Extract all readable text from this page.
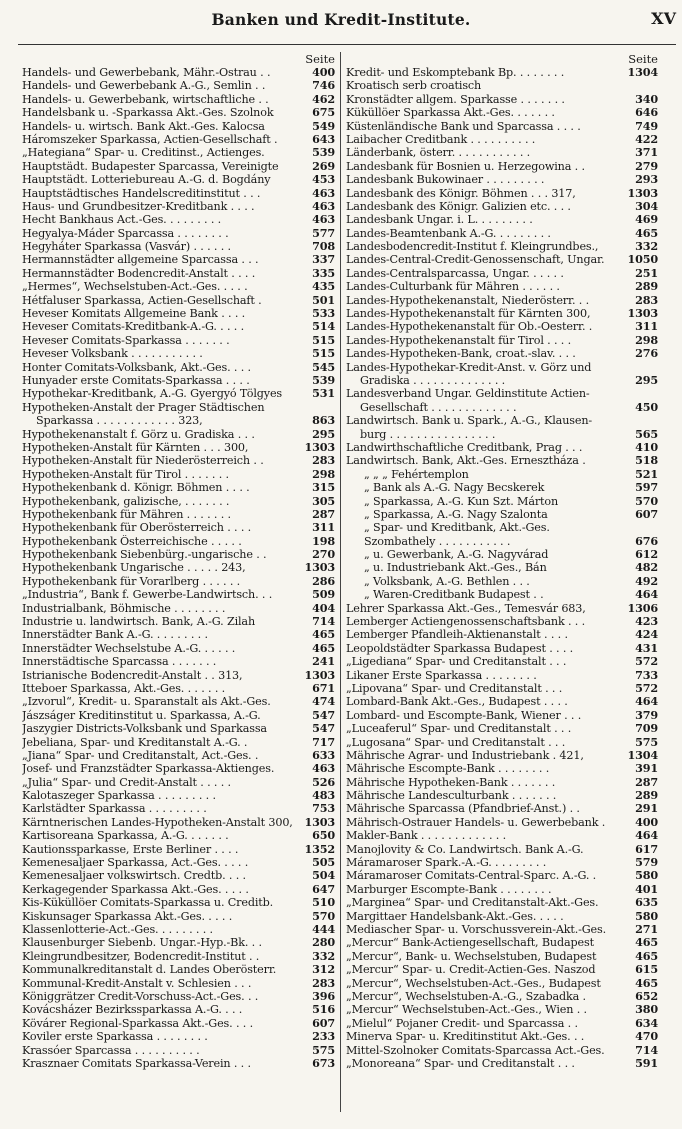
Banken und Kredit-Institute.	XV
Seite
Handels- und Gewerbebank, Mähr.-Ostrau . .	400
Handels- und Gewerbebank A.-G., Semlin . .	746
Handels- u. Gewerbebank, wirtschaftliche . .	462
Handelsbank u. -Sparkassa Akt.-Ges. Szolnok	675
Handels- u. wirtsch. Bank Akt.-Ges. Kalocsa	549
Háromszeker Sparkassa, Actien-Gesellschaft .	643
„Hategiana“ Spar- u. Creditinst., Actienges.	539
Hauptstädt. Budapester Sparcassa, Vereinigte	269
Hauptstädt. Lotteriebureau A.-G. d. Bogdány	453
Hauptstädtisches Handelscreditinstitut . . .	463
Haus- und Grundbesitzer-Kreditbank . . . .	463
Hecht Bankhaus Act.-Ges. . . . . . . . .	463
Hegyalya-Máder Sparcassa . . . . . . . .	577
Hegyháter Sparkassa (Vasvár) . . . . . .	708
Hermannstädter allgemeine Sparcassa . . .	337
Hermannstädter Bodencredit-Anstalt . . . .	335
„Hermes“, Wechselstuben-Act.-Ges. . . . .	435
Hétfaluser Sparkassa, Actien-Gesellschaft .	501
Heveser Komitats Allgemeine Bank . . . .	533
Heveser Comitats-Kreditbank-A.-G. . . . .	514
Heveser Comitats-Sparkassa . . . . . . .	515
Heveser Volksbank . . . . . . . . . . .	515
Honter Comitats-Volksbank, Akt.-Ges. . . .	545
Hunyader erste Comitats-Sparkassa . . . .	539
Hypothekar-Kreditbank, A.-G. Gyergyó Tölgyes	531
Hypotheken-Anstalt der Prager Städtischen
Sparkassa . . . . . . . . . . . . 323,	863
Hypothekenanstalt f. Görz u. Gradiska . . .	295
Hypotheken-Anstalt für Kärnten . . . 300,	1303
Hypotheken-Anstalt für Niederösterreich . .	283
Hypotheken-Anstalt für Tirol . . . . . . .	298
Hypothekenbank d. Königr. Böhmen . . . .	315
Hypothekenbank, galizische, . . . . . . .	305
Hypothekenbank für Mähren . . . . . . .	287
Hypothekenbank für Oberösterreich . . . .	311
Hypothekenbank Österreichische . . . . .	198
Hypothekenbank Siebenbürg.-ungarische . .	270
Hypothekenbank Ungarische . . . . . 243,	1303
Hypothekenbank für Vorarlberg . . . . . .	286
„Industria“, Bank f. Gewerbe-Landwirtsch. . .	509
Industrialbank, Böhmische . . . . . . . .	404
Industrie u. landwirtsch. Bank, A.-G. Zilah	714
Innerstädter Bank A.-G. . . . . . . . .	465
Innerstädter Wechselstube A.-G. . . . . .	465
Innerstädtische Sparcassa . . . . . . .	241
Istrianische Bodencredit-Anstalt . . 313,	1303
Itteboer Sparkassa, Akt.-Ges. . . . . . .	671
„Izvorul“, Kredit- u. Sparanstalt als Akt.-Ges.	474
Jászságer Kreditinstitut u. Sparkassa, A.-G.	547
Jaszygier Districts-Volksbank und Sparkassa	547
Jebeliana, Spar- und Kreditanstalt A.-G. .	717
„Jiana“ Spar- und Creditanstalt, Act.-Ges. .	633
Josef- und Franzstädter Sparkassa-Aktienges.	463
„Julia“ Spar- und Credit-Anstalt . . . . .	526
Kalotaszeger Sparkassa . . . . . . . . .	483
Karlstädter Sparkassa . . . . . . . . .	753
Kärntnerischen Landes-Hypotheken-Anstalt 300,	1303
Kartisoreana Sparkassa, A.-G. . . . . . .	650
Kautionssparkasse, Erste Berliner . . . .	1352
Kemenesaljaer Sparkassa, Act.-Ges. . . . .	505
Kemenesaljaer volkswirtsch. Credtb. . . .	504
Kerkagegender Sparkassa Akt.-Ges. . . . .	647
Kis-Küküllöer Comitats-Sparkassa u. Creditb.	510
Kiskunsager Sparkassa Akt.-Ges. . . . .	570
Klassenlotterie-Act.-Ges. . . . . . . . .	444
Klausenburger Siebenb. Ungar.-Hyp.-Bk. . .	280
Kleingrundbesitzer, Bodencredit-Institut . .	332
Kommunalkreditanstalt d. Landes Oberösterr.	312
Kommunal-Kredit-Anstalt v. Schlesien . . .	283
Königgrätzer Credit-Vorschuss-Act.-Ges. . .	396
Kovácsházer Bezirkssparkassa A.-G. . . .	516
Kövárer Regional-Sparkassa Akt.-Ges. . . .	607
Koviler erste Sparkassa . . . . . . . .	233
Krassóer Sparcassa . . . . . . . . . .	575
Krasznaer Comitats Sparkassa-Verein . . .	673
Seite
Kredit- und Eskomptebank Bp. . . . . . . .	1304
Kroatisch serb croatisch
Kronstädter allgem. Sparkasse . . . . . . .	340
Küküllöer Sparkassa Akt.-Ges. . . . . . .	646
Küstenländische Bank und Sparcassa . . . .	749
Laibacher Creditbank . . . . . . . . . .	422
Länderbank, österr. . . . . . . . . . . .	371
Landesbank für Bosnien u. Herzegowina . .	279
Landesbank Bukowinaer . . . . . . . . .	293
Landesbank des Königr. Böhmen . . . 317,	1303
Landesbank des Königr. Galizien etc. . . .	304
Landesbank Ungar. i. L. . . . . . . . .	469
Landes-Beamtenbank A.-G. . . . . . . . .	465
Landesbodencredit-Institut f. Kleingrundbes.,	332
Landes-Central-Credit-Genossenschaft, Ungar.	1050
Landes-Centralsparcassa, Ungar. . . . . .	251
Landes-Culturbank für Mähren . . . . . .	289
Landes-Hypothekenanstalt, Niederösterr. . .	283
Landes-Hypothekenanstalt für Kärnten 300,	1303
Landes-Hypothekenanstalt für Ob.-Oesterr. .	311
Landes-Hypothekenanstalt für Tirol . . . .	298
Landes-Hypotheken-Bank, croat.-slav. . . .	276
Landes-Hypothekar-Kredit-Anst. v. Görz und
Gradiska . . . . . . . . . . . . . .	295
Landesverband Ungar. Geldinstitute Actien-
Gesellschaft . . . . . . . . . . . . .	450
Landwirtsch. Bank u. Spark., A.-G., Klausen-
burg . . . . . . . . . . . . . . . .	565
Landwirthschaftliche Creditbank, Prag . . .	410
Landwirtsch. Bank, Akt.-Ges. Ernesztháza .	518
„ „ „ Fehértemplon	521
„ Bank als A.-G. Nagy Becskerek	597
„ Sparkassa, A.-G. Kun Szt. Márton	570
„ Sparkassa, A.-G. Nagy Szalonta	607
„ Spar- und Kreditbank, Akt.-Ges.
Szombathely . . . . . . . . . . .	676
„ u. Gewerbank, A.-G. Nagyvárad	612
„ u. Industriebank Akt.-Ges., Bán	482
„ Volksbank, A.-G. Bethlen . . .	492
„ Waren-Creditbank Budapest . .	464
Lehrer Sparkassa Akt.-Ges., Temesvár 683,	1306
Lemberger Actiengenossenschaftsbank . . .	423
Lemberger Pfandleih-Aktienanstalt . . . .	424
Leopoldstädter Sparkassa Budapest . . . .	431
„Ligediana“ Spar- und Creditanstalt . . .	572
Likaner Erste Sparkassa . . . . . . . .	733
„Lipovana“ Spar- und Creditanstalt . . .	572
Lombard-Bank Akt.-Ges., Budapest . . . .	464
Lombard- und Escompte-Bank, Wiener . . .	379
„Luceaferul“ Spar- und Creditanstalt . . .	709
„Lugosana“ Spar- und Creditanstalt . . .	575
Mährische Agrar- und Industriebank . 421,	1304
Mährische Escompte-Bank . . . . . . . .	391
Mährische Hypotheken-Bank . . . . . . .	287
Mährische Landesculturbank . . . . . . .	289
Mährische Sparcassa (Pfandbrief-Anst.) . .	291
Mährisch-Ostrauer Handels- u. Gewerbebank .	400
Makler-Bank . . . . . . . . . . . . .	464
Manojlovity & Co. Landwirtsch. Bank A.-G.	617
Máramaroser Spark.-A.-G. . . . . . . . .	579
Máramaroser Comitats-Central-Sparc. A.-G. .	580
Marburger Escompte-Bank . . . . . . . .	401
„Marginea“ Spar- und Creditanstalt-Akt.-Ges.	635
Margittaer Handelsbank-Akt.-Ges. . . . .	580
Mediascher Spar- u. Vorschussverein-Akt.-Ges.	271
„Mercur“ Bank-Actiengesellschaft, Budapest	465
„Mercur“, Bank- u. Wechselstuben, Budapest	465
„Mercur“ Spar- u. Credit-Actien-Ges. Naszod	615
„Mercur“, Wechselstuben-Act.-Ges., Budapest	465
„Mercur“, Wechselstuben-A.-G., Szabadka .	652
„Mercur“ Wechselstuben-Act.-Ges., Wien . .	380
„Mielul“ Pojaner Credit- und Sparcassa . .	634
Minerva Spar- u. Kreditinstitut Akt.-Ges. . .	470
Mittel-Szolnoker Comitats-Sparcassa Act.-Ges.	714
„Monoreana“ Spar- und Creditanstalt . . .	591
